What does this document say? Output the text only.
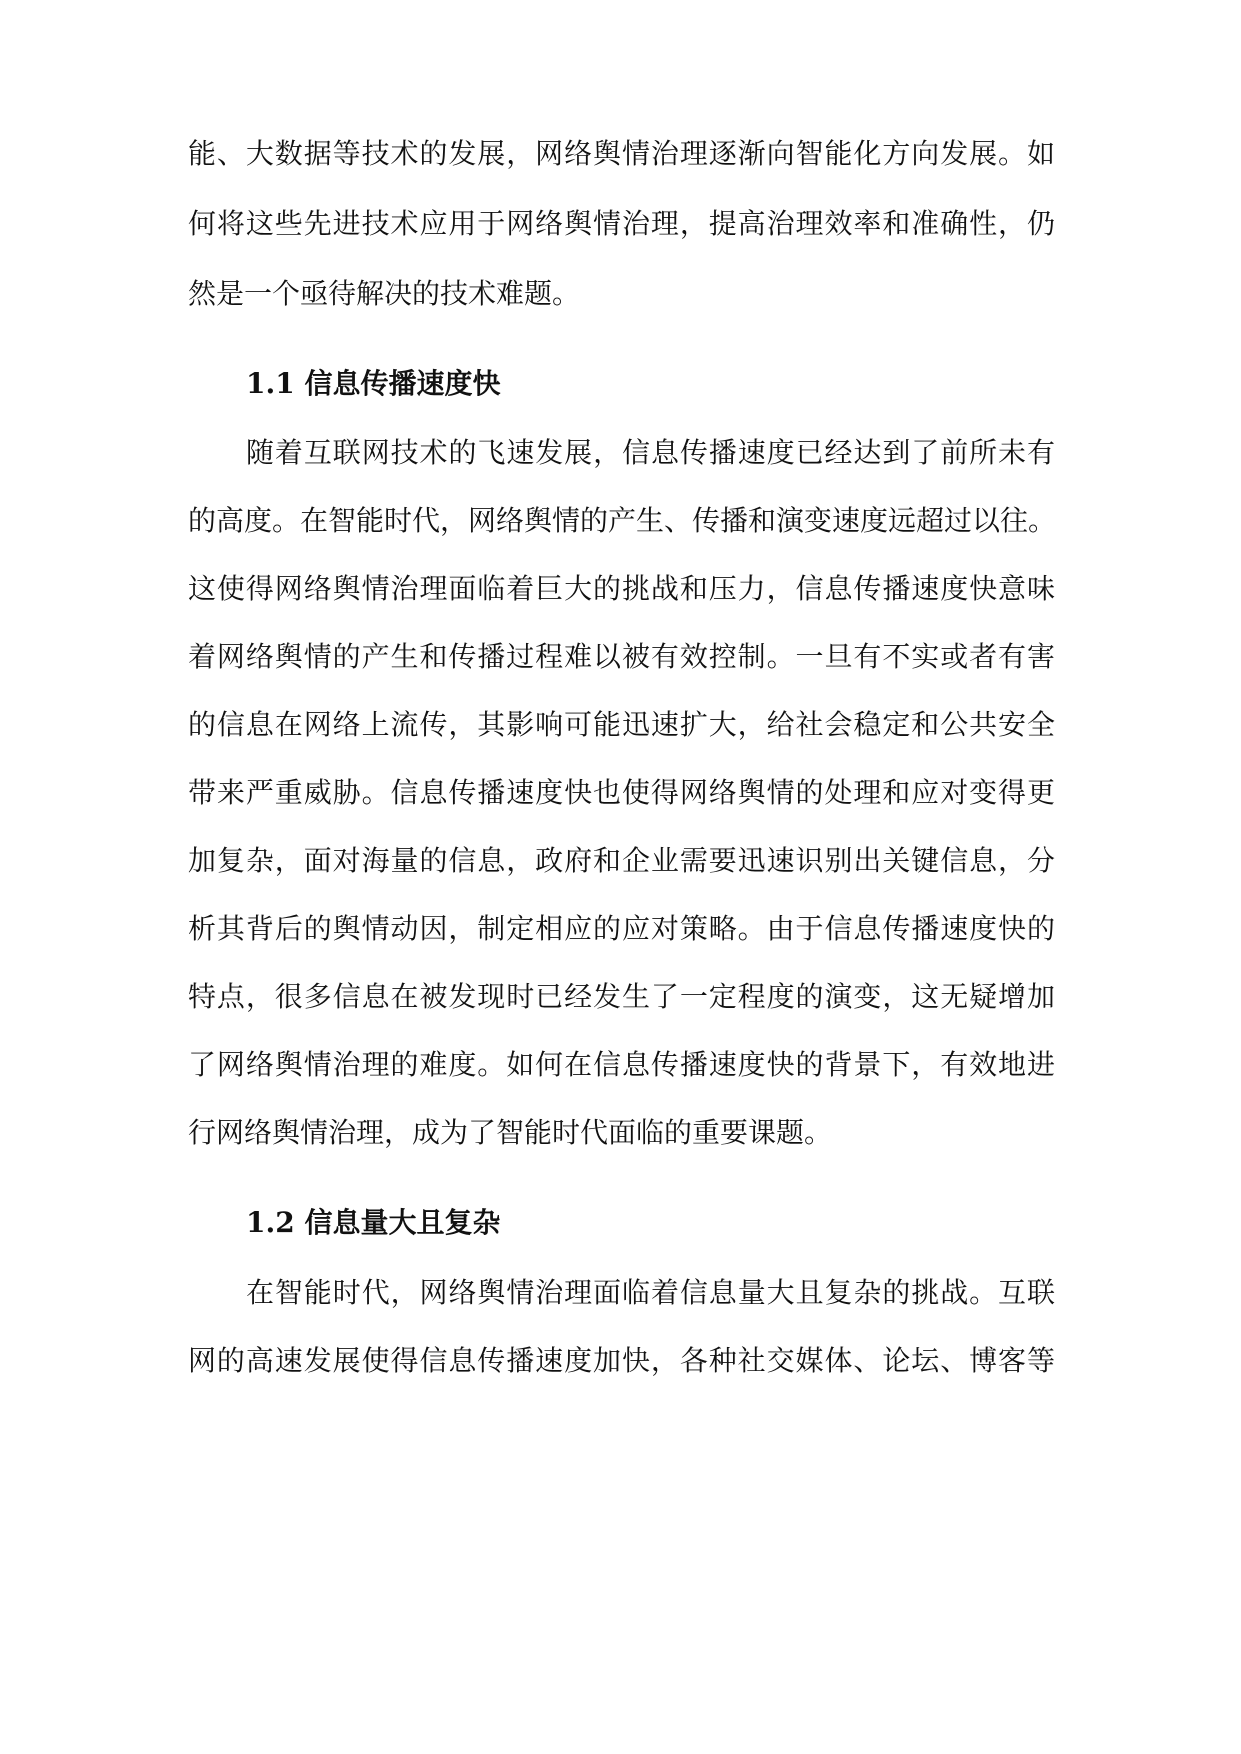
能、大数据等技术的发展，网络舆情治理逐渐向智能化方向发展。如
何将这些先进技术应用于网络舆情治理，提高治理效率和准确性，仍
然是一个亟待解决的技术难题。
1.1 信息传播速度快
随着互联网技术的飞速发展，信息传播速度已经达到了前所未有
的高度。在智能时代，网络舆情的产生、传播和演变速度远超过以往。
这使得网络舆情治理面临着巨大的挑战和压力，信息传播速度快意味
着网络舆情的产生和传播过程难以被有效控制。一旦有不实或者有害
的信息在网络上流传，其影响可能迅速扩大，给社会稳定和公共安全
带来严重威胁。信息传播速度快也使得网络舆情的处理和应对变得更
加复杂，面对海量的信息，政府和企业需要迅速识别出关键信息，分
析其背后的舆情动因，制定相应的应对策略。由于信息传播速度快的
特点，很多信息在被发现时已经发生了一定程度的演变，这无疑增加
了网络舆情治理的难度。如何在信息传播速度快的背景下，有效地进
行网络舆情治理，成为了智能时代面临的重要课题。
1.2 信息量大且复杂
在智能时代，网络舆情治理面临着信息量大且复杂的挑战。互联
网的高速发展使得信息传播速度加快，各种社交媒体、论坛、博客等
